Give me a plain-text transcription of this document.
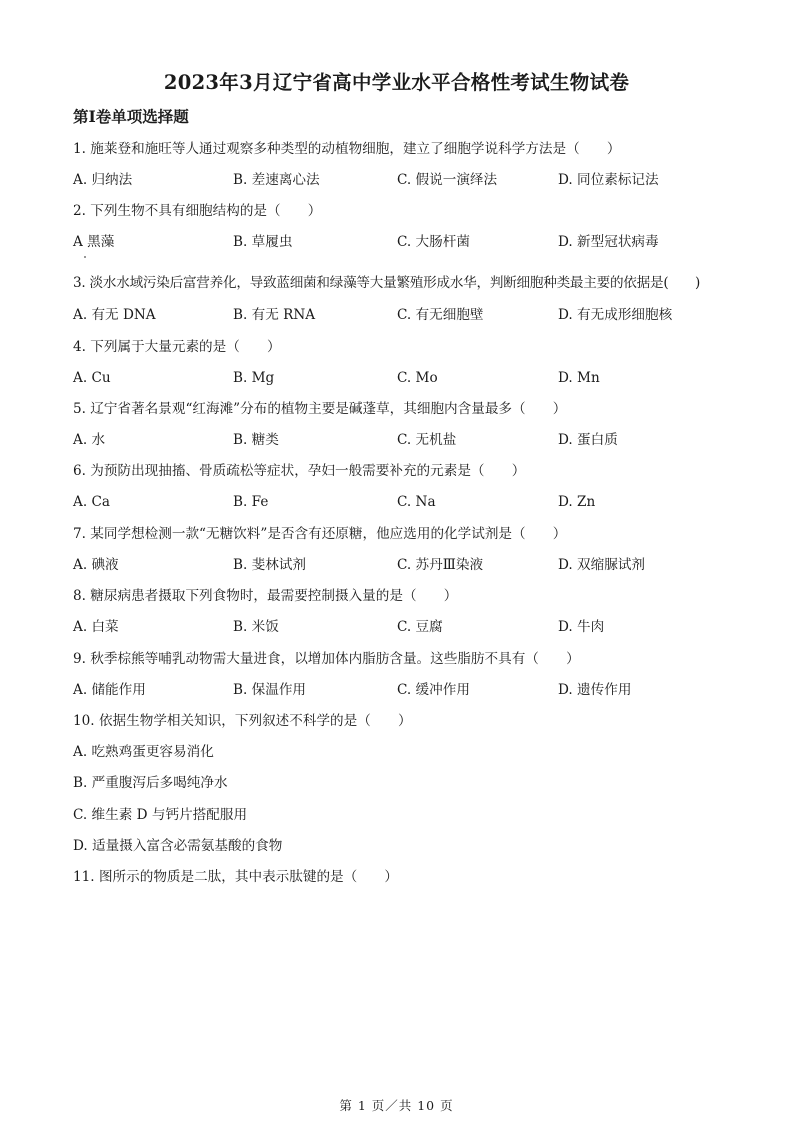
2023年3月辽宁省高中学业水平合格性考试生物试卷
第Ⅰ卷单项选择题
1. 施莱登和施旺等人通过观察多种类型的动植物细胞，建立了细胞学说科学方法是（　　）
A. 归纳法	B. 差速离心法	C. 假说一演绎法	D. 同位素标记法
2. 下列生物不具有细胞结构的是（　　）
A 黑藻	B. 草履虫	C. 大肠杆菌	D. 新型冠状病毒
3. 淡水水域污染后富营养化，导致蓝细菌和绿藻等大量繁殖形成水华，判断细胞种类最主要的依据是(　　)
A. 有无 DNA	B. 有无 RNA	C. 有无细胞壁	D. 有无成形细胞核
4. 下列属于大量元素的是（　　）
A. Cu	B. Mg	C. Mo	D. Mn
5. 辽宁省著名景观“红海滩”分布的植物主要是碱蓬草，其细胞内含量最多（　　）
A. 水	B. 糖类	C. 无机盐	D. 蛋白质
6. 为预防出现抽搐、骨质疏松等症状，孕妇一般需要补充的元素是（　　）
A. Ca	B. Fe	C. Na	D. Zn
7. 某同学想检测一款“无糖饮料”是否含有还原糖，他应选用的化学试剂是（　　）
A. 碘液	B. 斐林试剂	C. 苏丹Ⅲ染液	D. 双缩脲试剂
8. 糖尿病患者摄取下列食物时，最需要控制摄入量的是（　　）
A. 白菜	B. 米饭	C. 豆腐	D. 牛肉
9. 秋季棕熊等哺乳动物需大量进食，以增加体内脂肪含量。这些脂肪不具有（　　）
A. 储能作用	B. 保温作用	C. 缓冲作用	D. 遗传作用
10. 依据生物学相关知识，下列叙述不科学的是（　　）
A. 吃熟鸡蛋更容易消化
B. 严重腹泻后多喝纯净水
C. 维生素 D 与钙片搭配服用
D. 适量摄入富含必需氨基酸的食物
11. 图所示的物质是二肽，其中表示肽键的是（　　）
第 1 页／共 10 页
